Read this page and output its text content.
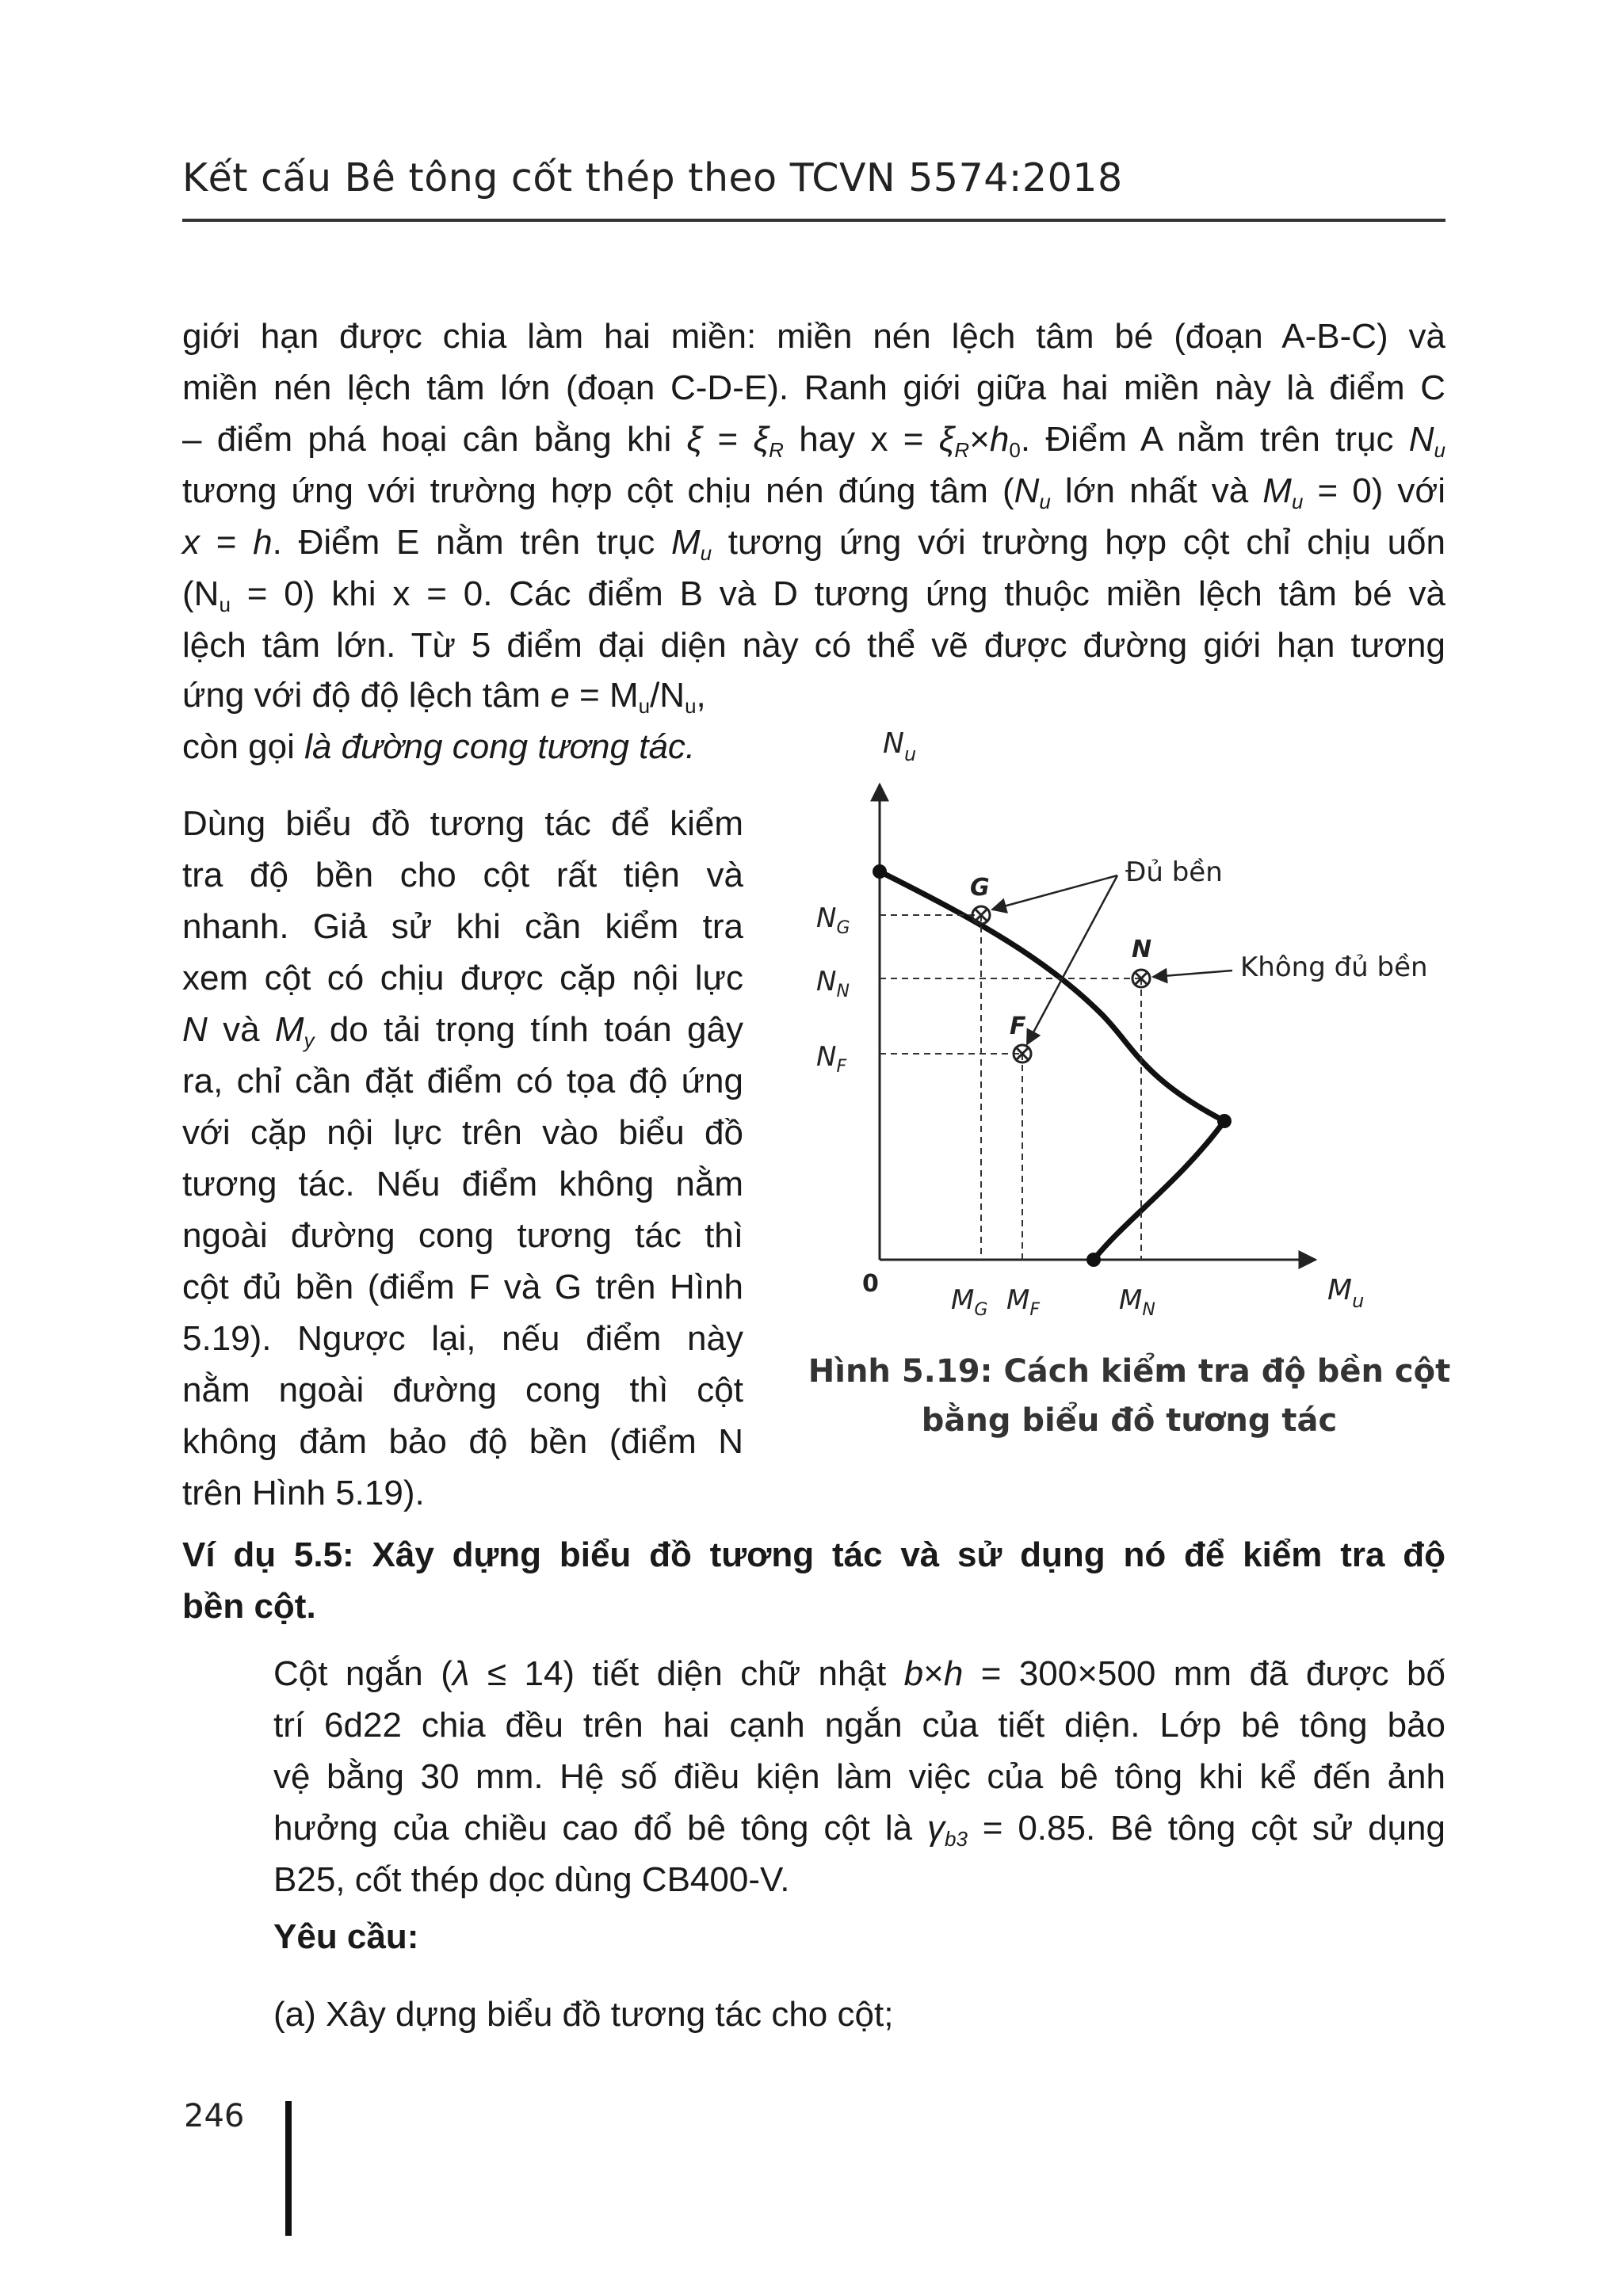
Kết cấu Bê tông cốt thép theo TCVN 5574:2018

giới hạn được chia làm hai miền: miền nén lệch tâm bé (đoạn A-B-C) và
miền nén lệch tâm lớn (đoạn C-D-E). Ranh giới giữa hai miền này là điểm C
– điểm phá hoại cân bằng khi $\xi = \xi_R$ hay $x = \xi_R\times h_0$. Điểm A nằm trên trục $N_u$
tương ứng với trường hợp cột chịu nén đúng tâm ($N_u$ lớn nhất và $M_u = 0$) với
x = h. Điểm E nằm trên trục $M_u$ tương ứng với trường hợp cột chỉ chịu uốn
$(N_u = 0)$ khi x = 0. Các điểm B và D tương ứng thuộc miền lệch tâm bé và
lệch tâm lớn. Từ 5 điểm đại diện này có thể vẽ được đường giới hạn tương

ứng với độ độ lệch tâm $e = M_u/N_u$,
còn gọi là đường cong tương tác.

Dùng biểu đồ tương tác để kiểm
tra độ bền cho cột rất tiện và
nhanh. Giả sử khi cần kiểm tra
xem cột có chịu được cặp nội lực
N và $M_y$ do tải trọng tính toán gây
ra, chỉ cần đặt điểm có tọa độ ứng
với cặp nội lực trên vào biểu đồ
tương tác. Nếu điểm không nằm
ngoài đường cong tương tác thì
cột đủ bền (điểm F và G trên Hình
5.19). Ngược lại, nếu điểm này
nằm ngoài đường cong thì cột
không đảm bảo độ bền (điểm N
trên Hình 5.19).

$N_u$
$M_u$
0
$N_G$
$N_N$
$N_F$
$M_G$ $M_F$	$M_N$
G
N
F
Đủ bền
Không đủ bền

Hình 5.19: Cách kiểm tra độ bền cột
bằng biểu đồ tương tác

Ví dụ 5.5: Xây dựng biểu đồ tương tác và sử dụng nó để kiểm tra độ
bền cột.

Cột ngắn (λ ≤ 14) tiết diện chữ nhật b×h = 300×500 mm đã được bố
trí 6d22 chia đều trên hai cạnh ngắn của tiết diện. Lớp bê tông bảo
vệ bằng 30 mm. Hệ số điều kiện làm việc của bê tông khi kể đến ảnh
hưởng của chiều cao đổ bê tông cột là $\gamma_{b3} = 0.85$. Bê tông cột sử dụng
B25, cốt thép dọc dùng CB400-V.

Yêu cầu:

(a) Xây dựng biểu đồ tương tác cho cột;

246
